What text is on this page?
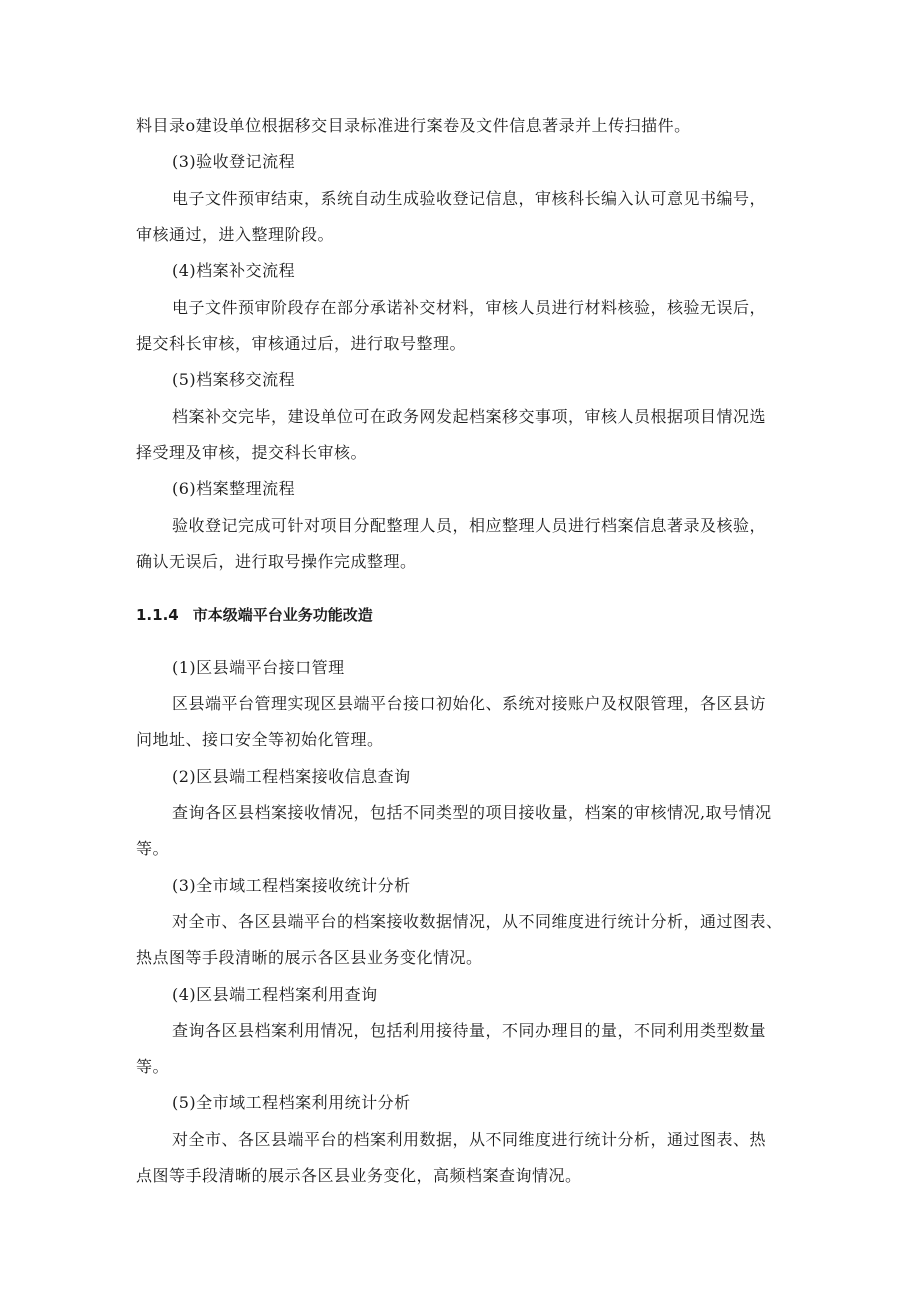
料目录o建设单位根据移交目录标准进行案卷及文件信息著录并上传扫描件。
(3)验收登记流程
电子文件预审结束，系统自动生成验收登记信息，审核科长编入认可意见书编号，
审核通过，进入整理阶段。
(4)档案补交流程
电子文件预审阶段存在部分承诺补交材料，审核人员进行材料核验，核验无误后，
提交科长审核，审核通过后，进行取号整理。
(5)档案移交流程
档案补交完毕，建设单位可在政务网发起档案移交事项，审核人员根据项目情况选
择受理及审核，提交科长审核。
(6)档案整理流程
验收登记完成可针对项目分配整理人员，相应整理人员进行档案信息著录及核验，
确认无误后，进行取号操作完成整理。
1.1.4 市本级端平台业务功能改造
(1)区县端平台接口管理
区县端平台管理实现区县端平台接口初始化、系统对接账户及权限管理，各区县访
问地址、接口安全等初始化管理。
(2)区县端工程档案接收信息查询
查询各区县档案接收情况，包括不同类型的项目接收量，档案的审核情况,取号情况
等。
(3)全市域工程档案接收统计分析
对全市、各区县端平台的档案接收数据情况，从不同维度进行统计分析，通过图表、
热点图等手段清晰的展示各区县业务变化情况。
(4)区县端工程档案利用查询
查询各区县档案利用情况，包括利用接待量，不同办理目的量，不同利用类型数量
等。
(5)全市域工程档案利用统计分析
对全市、各区县端平台的档案利用数据，从不同维度进行统计分析，通过图表、热
点图等手段清晰的展示各区县业务变化，高频档案查询情况。
